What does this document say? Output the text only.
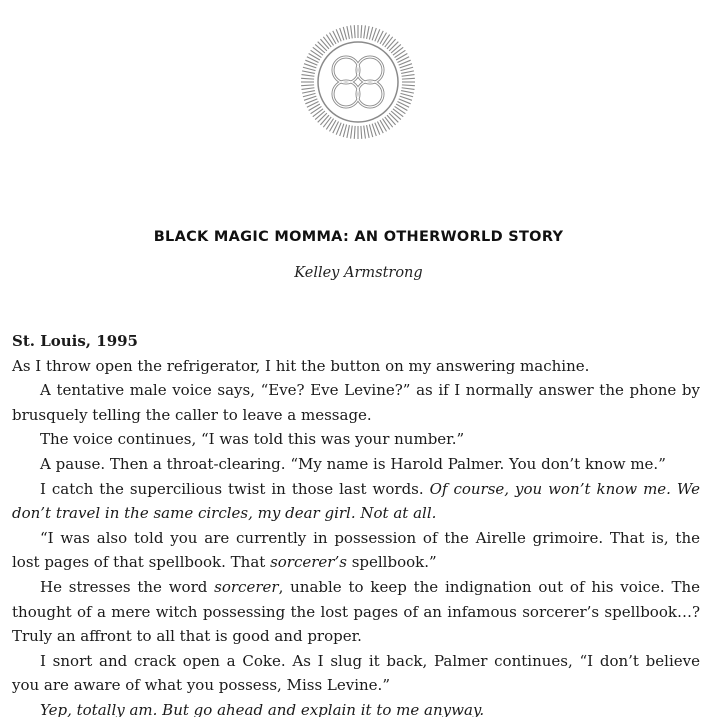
BLACK MAGIC MOMMA: AN OTHERWORLD STORY

Kelley Armstrong

St. Louis, 1995

As I throw open the refrigerator, I hit the button on my answering machine.

A tentative male voice says, “Eve? Eve Levine?” as if I normally answer the phone by brusquely telling the caller to leave a message.

The voice continues, “I was told this was your number.”

A pause. Then a throat-clearing. “My name is Harold Palmer. You don’t know me.”

I catch the supercilious twist in those last words. Of course, you won’t know me. We don’t travel in the same circles, my dear girl. Not at all.

“I was also told you are currently in possession of the Airelle grimoire. That is, the lost pages of that spellbook. That sorcerer’s spellbook.”

He stresses the word sorcerer, unable to keep the indignation out of his voice. The thought of a mere witch possessing the lost pages of an infamous sorcerer’s spellbook…? Truly an affront to all that is good and proper.

I snort and crack open a Coke. As I slug it back, Palmer continues, “I don’t believe you are aware of what you possess, Miss Levine.”

Yep, totally am. But go ahead and explain it to me anyway.
